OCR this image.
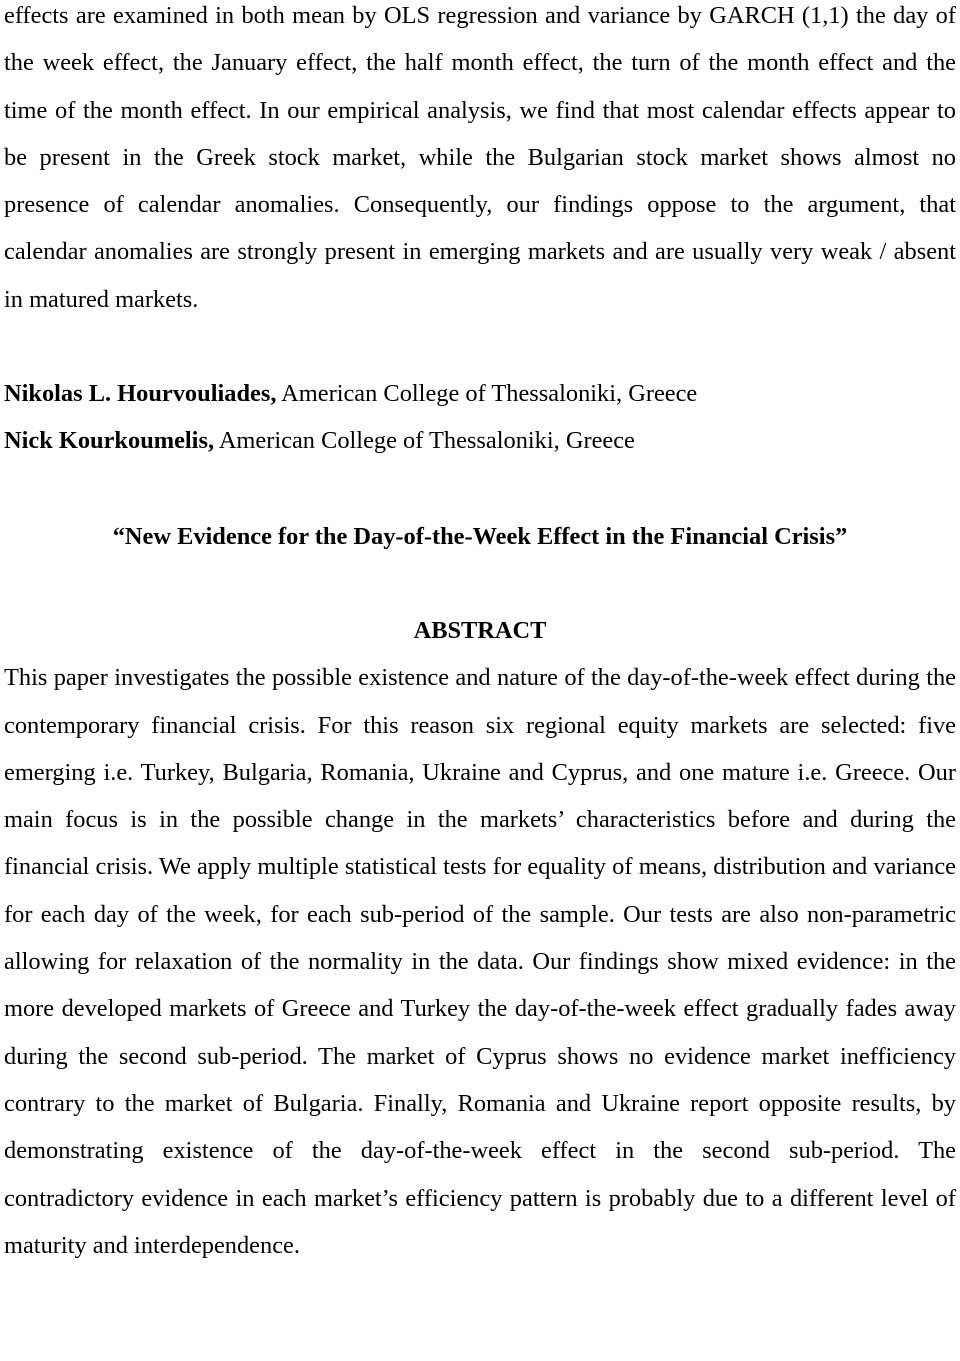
effects are examined in both mean by OLS regression and variance by GARCH (1,1) the day of the week effect, the January effect, the half month effect, the turn of the month effect and the time of the month effect. In our empirical analysis, we find that most calendar effects appear to be present in the Greek stock market, while the Bulgarian stock market shows almost no presence of calendar anomalies. Consequently, our findings oppose to the argument, that calendar anomalies are strongly present in emerging markets and are usually very weak / absent in matured markets.

Nikolas L. Hourvouliades, American College of Thessaloniki, Greece
Nick Kourkoumelis, American College of Thessaloniki, Greece
“New Evidence for the Day-of-the-Week Effect in the Financial Crisis”
ABSTRACT

This paper investigates the possible existence and nature of the day-of-the-week effect during the contemporary financial crisis. For this reason six regional equity markets are selected: five emerging i.e. Turkey, Bulgaria, Romania, Ukraine and Cyprus, and one mature i.e. Greece. Our main focus is in the possible change in the markets’ characteristics before and during the financial crisis. We apply multiple statistical tests for equality of means, distribution and variance for each day of the week, for each sub-period of the sample. Our tests are also non-parametric allowing for relaxation of the normality in the data. Our findings show mixed evidence: in the more developed markets of Greece and Turkey the day-of-the-week effect gradually fades away during the second sub-period. The market of Cyprus shows no evidence market inefficiency contrary to the market of Bulgaria. Finally, Romania and Ukraine report opposite results, by demonstrating existence of the day-of-the-week effect in the second sub-period. The contradictory evidence in each market’s efficiency pattern is probably due to a different level of maturity and interdependence.
